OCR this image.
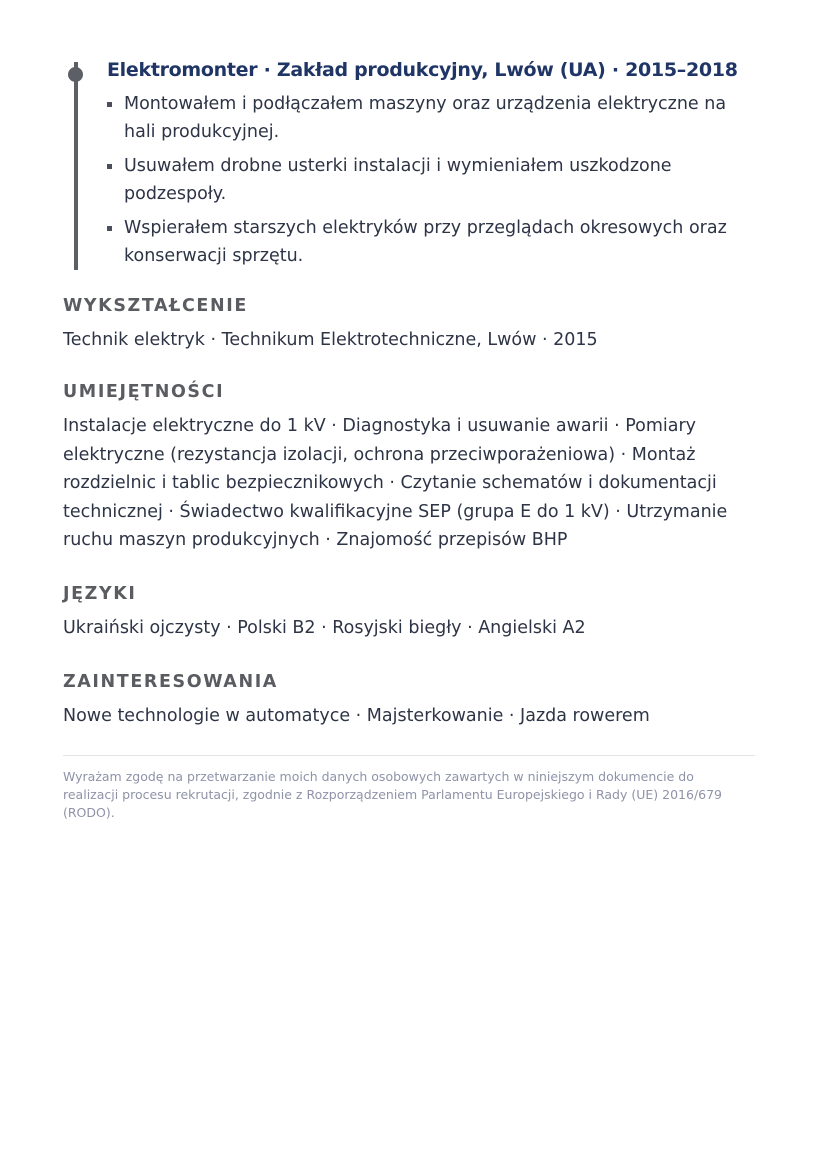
Elektromonter · Zakład produkcyjny, Lwów (UA) · 2015–2018
Montowałem i podłączałem maszyny oraz urządzenia elektryczne na hali produkcyjnej.
Usuwałem drobne usterki instalacji i wymieniałem uszkodzone podzespoły.
Wspierałem starszych elektryków przy przeglądach okresowych oraz konserwacji sprzętu.
WYKSZTAŁCENIE

Technik elektryk · Technikum Elektrotechniczne, Lwów · 2015

UMIEJĘTNOŚCI

Instalacje elektryczne do 1 kV · Diagnostyka i usuwanie awarii · Pomiary elektryczne (rezystancja izolacji, ochrona przeciwporażeniowa) · Montaż rozdzielnic i tablic bezpiecznikowych · Czytanie schematów i dokumentacji technicznej · Świadectwo kwalifikacyjne SEP (grupa E do 1 kV) · Utrzymanie ruchu maszyn produkcyjnych · Znajomość przepisów BHP

JĘZYKI

Ukraiński ojczysty · Polski B2 · Rosyjski biegły · Angielski A2

ZAINTERESOWANIA

Nowe technologie w automatyce · Majsterkowanie · Jazda rowerem

Wyrażam zgodę na przetwarzanie moich danych osobowych zawartych w niniejszym dokumencie do realizacji procesu rekrutacji, zgodnie z Rozporządzeniem Parlamentu Europejskiego i Rady (UE) 2016/679 (RODO).
